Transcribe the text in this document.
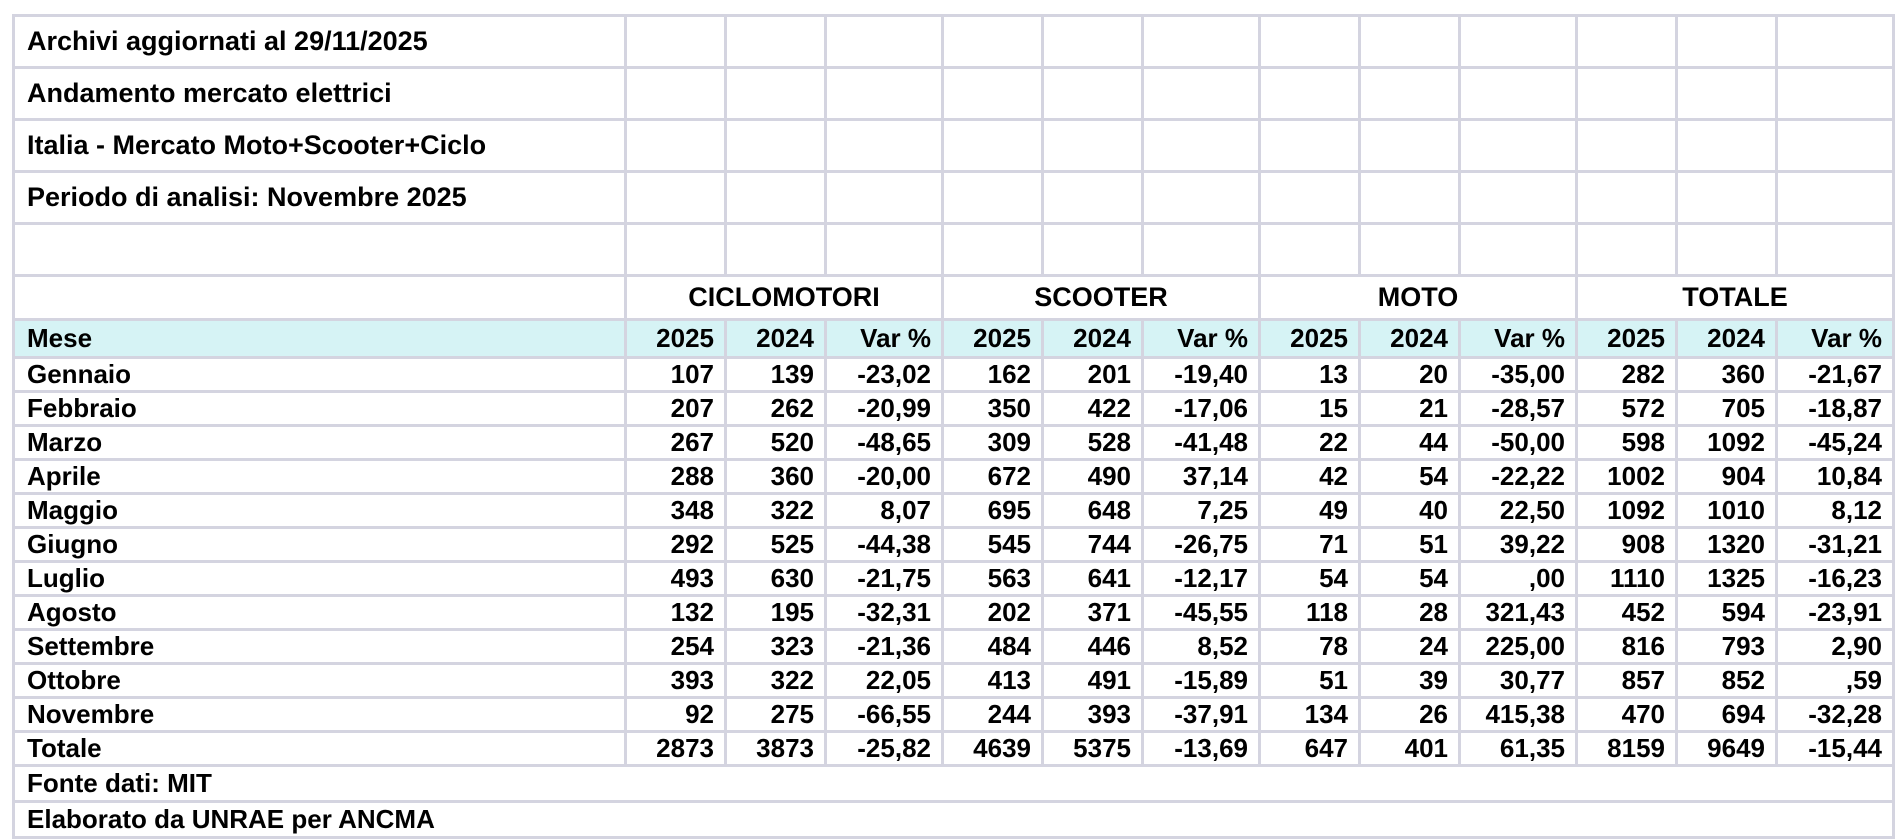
Archivi aggiornati al 29/11/2025												
Andamento mercato elettrici												
Italia - Mercato Moto+Scooter+Ciclo												
Periodo di analisi: Novembre 2025												

	CICLOMOTORI			SCOOTER			MOTO			TOTALE		
Mese	2025	2024	Var %	2025	2024	Var %	2025	2024	Var %	2025	2024	Var %
Gennaio	107	139	-23,02	162	201	-19,40	13	20	-35,00	282	360	-21,67
Febbraio	207	262	-20,99	350	422	-17,06	15	21	-28,57	572	705	-18,87
Marzo	267	520	-48,65	309	528	-41,48	22	44	-50,00	598	1092	-45,24
Aprile	288	360	-20,00	672	490	37,14	42	54	-22,22	1002	904	10,84
Maggio	348	322	8,07	695	648	7,25	49	40	22,50	1092	1010	8,12
Giugno	292	525	-44,38	545	744	-26,75	71	51	39,22	908	1320	-31,21
Luglio	493	630	-21,75	563	641	-12,17	54	54	,00	1110	1325	-16,23
Agosto	132	195	-32,31	202	371	-45,55	118	28	321,43	452	594	-23,91
Settembre	254	323	-21,36	484	446	8,52	78	24	225,00	816	793	2,90
Ottobre	393	322	22,05	413	491	-15,89	51	39	30,77	857	852	,59
Novembre	92	275	-66,55	244	393	-37,91	134	26	415,38	470	694	-32,28
Totale	2873	3873	-25,82	4639	5375	-13,69	647	401	61,35	8159	9649	-15,44
Fonte dati: MIT												
Elaborato da UNRAE per ANCMA												
